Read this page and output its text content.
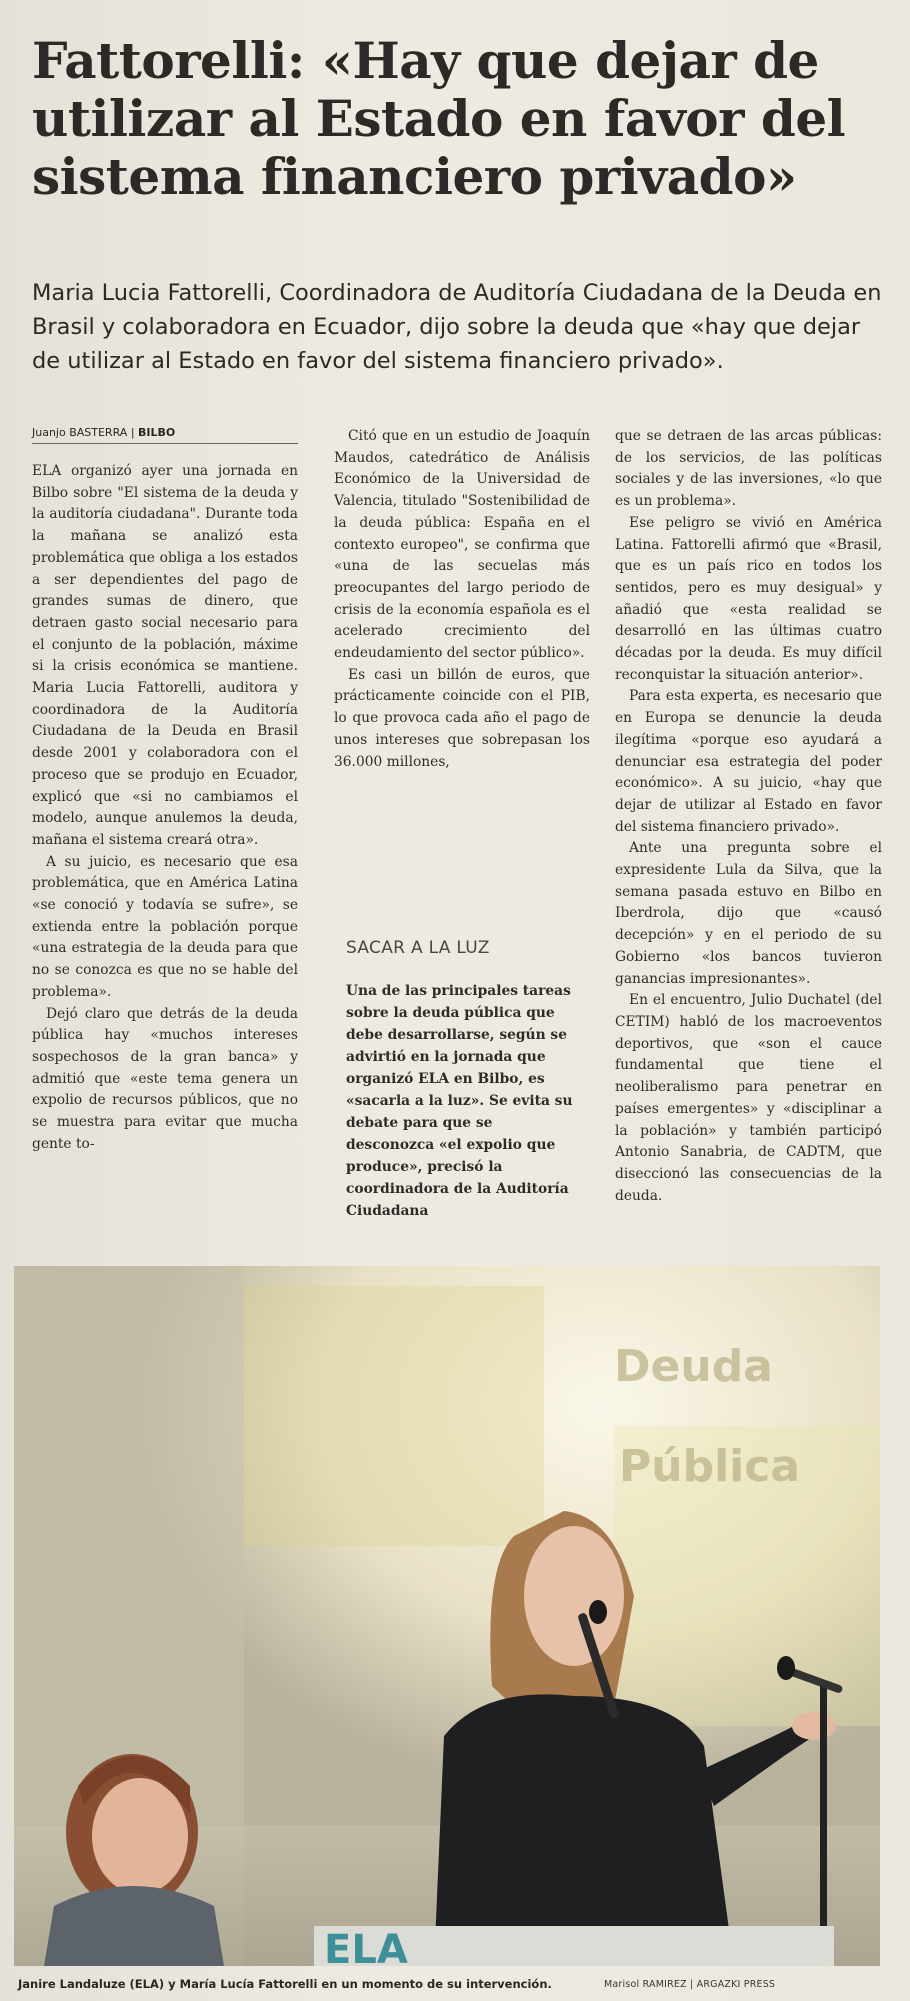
Fattorelli: «Hay que dejar de utilizar al Estado en favor del sistema financiero privado»

Maria Lucia Fattorelli, Coordinadora de Auditoría Ciudadana de la Deuda en Brasil y colaboradora en Ecuador, dijo sobre la deuda que «hay que dejar de utilizar al Estado en favor del sistema financiero privado».

Juanjo BASTERRA | BILBO

ELA organizó ayer una jornada en Bilbo sobre "El sistema de la deuda y la auditoría ciudadana". Durante toda la mañana se analizó esta problemática que obliga a los estados a ser dependientes del pago de grandes sumas de dinero, que detraen gasto social necesario para el conjunto de la población, máxime si la crisis económica se mantiene. Maria Lucia Fattorelli, auditora y coordinadora de la Auditoría Ciudadana de la Deuda en Brasil desde 2001 y colaboradora con el proceso que se produjo en Ecuador, explicó que «si no cambiamos el modelo, aunque anulemos la deuda, mañana el sistema creará otra».

A su juicio, es necesario que esa problemática, que en América Latina «se conoció y todavía se sufre», se extienda entre la población porque «una estrategia de la deuda para que no se conozca es que no se hable del problema».

Dejó claro que detrás de la deuda pública hay «muchos intereses sospechosos de la gran banca» y admitió que «este tema genera un expolio de recursos públicos, que no se muestra para evitar que mucha gente to-

Citó que en un estudio de Joaquín Maudos, catedrático de Análisis Económico de la Universidad de Valencia, titulado "Sostenibilidad de la deuda pública: España en el contexto europeo", se confirma que «una de las secuelas más preocupantes del largo periodo de crisis de la economía española es el acelerado crecimiento del endeudamiento del sector público».

Es casi un billón de euros, que prácticamente coincide con el PIB, lo que provoca cada año el pago de unos intereses que sobrepasan los 36.000 millones,

que se detraen de las arcas públicas: de los servicios, de las políticas sociales y de las inversiones, «lo que es un problema».

Ese peligro se vivió en América Latina. Fattorelli afirmó que «Brasil, que es un país rico en todos los sentidos, pero es muy desigual» y añadió que «esta realidad se desarrolló en las últimas cuatro décadas por la deuda. Es muy difícil reconquistar la situación anterior».

Para esta experta, es necesario que en Europa se denuncie la deuda ilegítima «porque eso ayudará a denunciar esa estrategia del poder económico». A su juicio, «hay que dejar de utilizar al Estado en favor del sistema financiero privado».

Ante una pregunta sobre el expresidente Lula da Silva, que la semana pasada estuvo en Bilbo en Iberdrola, dijo que «causó decepción» y en el periodo de su Gobierno «los bancos tuvieron ganancias impresionantes».

En el encuentro, Julio Duchatel (del CETIM) habló de los macroeventos deportivos, que «son el cauce fundamental que tiene el neoliberalismo para penetrar en países emergentes» y «disciplinar a la población» y también participó Antonio Sanabria, de CADTM, que diseccionó las consecuencias de la deuda.

SACAR A LA LUZ

Una de las principales tareas sobre la deuda pública que debe desarrollarse, según se advirtió en la jornada que organizó ELA en Bilbo, es «sacarla a la luz». Se evita su debate para que se desconozca «el expolio que produce», precisó la coordinadora de la Auditoría Ciudadana

Deuda
Pública
ELA
Janire Landaluze (ELA) y María Lucía Fattorelli en un momento de su intervención.	Marisol RAMIREZ | ARGAZKI PRESS
